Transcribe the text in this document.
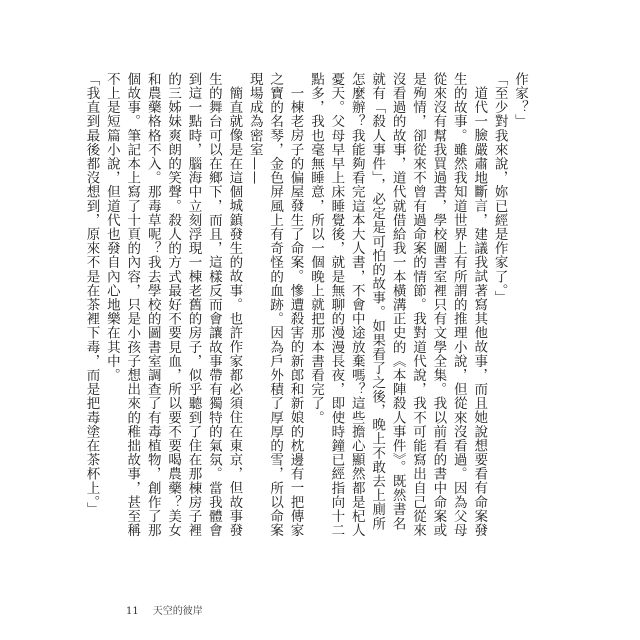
作家？」

「至少對我來說，妳已經是作家了。」

道代一臉嚴肅地斷言，建議我試著寫其他故事，而且她說想要看有命案發生的故事。雖然我知道世界上有所謂的推理小說，但從來沒看過。因為父母從來沒有幫我買過書，學校圖書室裡只有文學全集。我以前看的書中命案或是殉情，卻從來不曾有過命案的情節。我對道代說，我不可能寫出自己從來沒看過的故事，道代就借給我一本橫溝正史的《本陣殺人事件》。既然書名就有「殺人事件」，必定是可怕的故事。如果看了之後，晚上不敢去上廁所怎麼辦？我能夠看完這本大人書，不會中途放棄嗎？這些擔心顯然都是杞人憂天。父母早早上床睡覺後，就是無聊的漫漫長夜，即使時鐘已經指向十二點多，我也毫無睡意，所以一個晚上就把那本書看完了。

一棟老房子的偏屋發生了命案。慘遭殺害的新郎和新娘的枕邊有一把傳家之寶的名琴，金色屏風上有奇怪的血跡。因為戶外積了厚厚的雪，所以命案現場成為密室——

簡直就像是在這個城鎮發生的故事。也許作家都必須住在東京，但故事發生的舞台可以在鄉下，而且，這樣反而會讓故事帶有獨特的氣氛。當我體會到這一點時，腦海中立刻浮現一棟老舊的房子，似乎聽到了住在那棟房子裡的三姊妹爽朗的笑聲。殺人的方式最好不要見血，所以要不要喝農藥？美女和農藥格格不入。那毒草呢？我去學校的圖書室調查了有毒植物，創作了那個故事。筆記本上寫了十頁的內容，只是小孩子想出來的稚拙故事，甚至稱不上是短篇小說，但道代也發自內心地樂在其中。

「我直到最後都沒想到，原來不是在茶裡下毒，而是把毒塗在茶杯上。」

11 天空的彼岸
